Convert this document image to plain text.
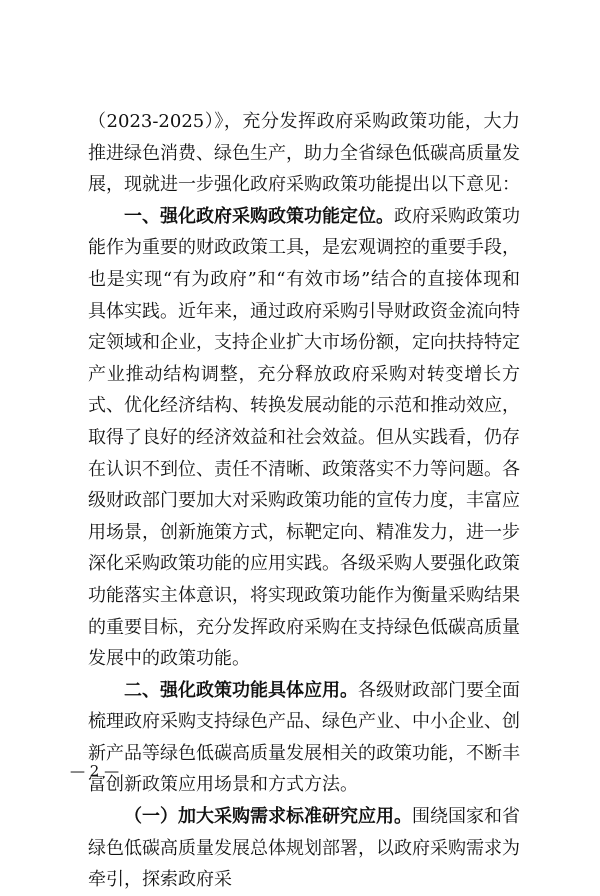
（2023-2025）》，充分发挥政府采购政策功能，大力推进绿色消费、绿色生产，助力全省绿色低碳高质量发展，现就进一步强化政府采购政策功能提出以下意见：

一、强化政府采购政策功能定位。政府采购政策功能作为重要的财政政策工具，是宏观调控的重要手段，也是实现“有为政府”和“有效市场”结合的直接体现和具体实践。近年来，通过政府采购引导财政资金流向特定领域和企业，支持企业扩大市场份额，定向扶持特定产业推动结构调整，充分释放政府采购对转变增长方式、优化经济结构、转换发展动能的示范和推动效应，取得了良好的经济效益和社会效益。但从实践看，仍存在认识不到位、责任不清晰、政策落实不力等问题。各级财政部门要加大对采购政策功能的宣传力度，丰富应用场景，创新施策方式，标靶定向、精准发力，进一步深化采购政策功能的应用实践。各级采购人要强化政策功能落实主体意识，将实现政策功能作为衡量采购结果的重要目标，充分发挥政府采购在支持绿色低碳高质量发展中的政策功能。

二、强化政策功能具体应用。各级财政部门要全面梳理政府采购支持绿色产品、绿色产业、中小企业、创新产品等绿色低碳高质量发展相关的政策功能，不断丰富创新政策应用场景和方式方法。

（一）加大采购需求标准研究应用。围绕国家和省绿色低碳高质量发展总体规划部署，以政府采购需求为牵引，探索政府采

— 2 —
